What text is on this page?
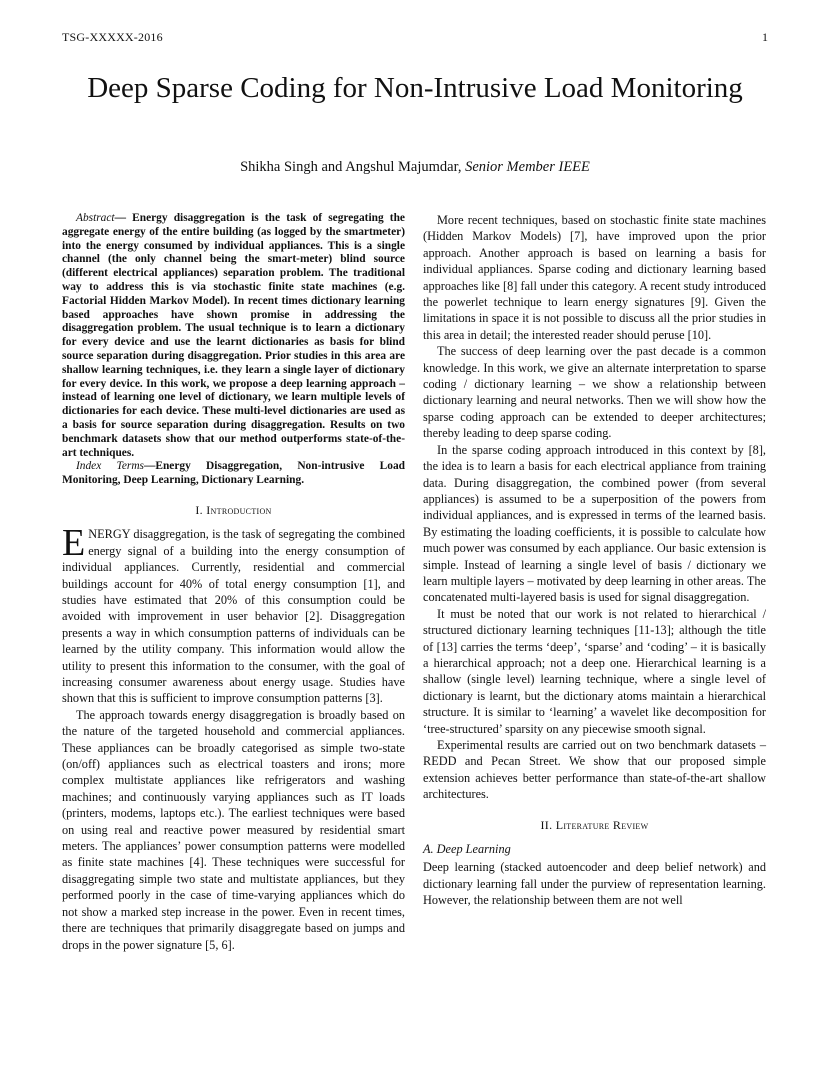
TSG-XXXXX-2016	1
Deep Sparse Coding for Non-Intrusive Load Monitoring
Shikha Singh and Angshul Majumdar, Senior Member IEEE

Abstract— Energy disaggregation is the task of segregating the aggregate energy of the entire building (as logged by the smartmeter) into the energy consumed by individual appliances. This is a single channel (the only channel being the smart-meter) blind source (different electrical appliances) separation problem. The traditional way to address this is via stochastic finite state machines (e.g. Factorial Hidden Markov Model). In recent times dictionary learning based approaches have shown promise in addressing the disaggregation problem. The usual technique is to learn a dictionary for every device and use the learnt dictionaries as basis for blind source separation during disaggregation. Prior studies in this area are shallow learning techniques, i.e. they learn a single layer of dictionary for every device. In this work, we propose a deep learning approach – instead of learning one level of dictionary, we learn multiple levels of dictionaries for each device. These multi-level dictionaries are used as a basis for source separation during disaggregation. Results on two benchmark datasets show that our method outperforms state-of-the-art techniques.

Index Terms—Energy Disaggregation, Non-intrusive Load Monitoring, Deep Learning, Dictionary Learning.

I. Introduction

ENERGY disaggregation, is the task of segregating the combined energy signal of a building into the energy consumption of individual appliances. Currently, residential and commercial buildings account for 40% of total energy consumption [1], and studies have estimated that 20% of this consumption could be avoided with improvement in user behavior [2]. Disaggregation presents a way in which consumption patterns of individuals can be learned by the utility company. This information would allow the utility to present this information to the consumer, with the goal of increasing consumer awareness about energy usage. Studies have shown that this is sufficient to improve consumption patterns [3].

The approach towards energy disaggregation is broadly based on the nature of the targeted household and commercial appliances. These appliances can be broadly categorised as simple two-state (on/off) appliances such as electrical toasters and irons; more complex multistate appliances like refrigerators and washing machines; and continuously varying appliances such as IT loads (printers, modems, laptops etc.). The earliest techniques were based on using real and reactive power measured by residential smart meters. The appliances’ power consumption patterns were modelled as finite state machines [4]. These techniques were successful for disaggregating simple two state and multistate appliances, but they performed poorly in the case of time-varying appliances which do not show a marked step increase in the power. Even in recent times, there are techniques that primarily disaggregate based on jumps and drops in the power signature [5, 6].

More recent techniques, based on stochastic finite state machines (Hidden Markov Models) [7], have improved upon the prior approach. Another approach is based on learning a basis for individual appliances. Sparse coding and dictionary learning based approaches like [8] fall under this category. A recent study introduced the powerlet technique to learn energy signatures [9]. Given the limitations in space it is not possible to discuss all the prior studies in this area in detail; the interested reader should peruse [10].

The success of deep learning over the past decade is a common knowledge. In this work, we give an alternate interpretation to sparse coding / dictionary learning – we show a relationship between dictionary learning and neural networks. Then we will show how the sparse coding approach can be extended to deeper architectures; thereby leading to deep sparse coding.

In the sparse coding approach introduced in this context by [8], the idea is to learn a basis for each electrical appliance from training data. During disaggregation, the combined power (from several appliances) is assumed to be a superposition of the powers from individual appliances, and is expressed in terms of the learned basis. By estimating the loading coefficients, it is possible to calculate how much power was consumed by each appliance. Our basic extension is simple. Instead of learning a single level of basis / dictionary we learn multiple layers – motivated by deep learning in other areas. The concatenated multi-layered basis is used for signal disaggregation.

It must be noted that our work is not related to hierarchical / structured dictionary learning techniques [11-13]; although the title of [13] carries the terms ‘deep’, ‘sparse’ and ‘coding’ – it is basically a hierarchical approach; not a deep one. Hierarchical learning is a shallow (single level) learning technique, where a single level of dictionary is learnt, but the dictionary atoms maintain a hierarchical structure. It is similar to ‘learning’ a wavelet like decomposition for ‘tree-structured’ sparsity on any piecewise smooth signal.

Experimental results are carried out on two benchmark datasets – REDD and Pecan Street. We show that our proposed simple extension achieves better performance than state-of-the-art shallow architectures.

II. Literature Review
A. Deep Learning

Deep learning (stacked autoencoder and deep belief network) and dictionary learning fall under the purview of representation learning. However, the relationship between them are not well
